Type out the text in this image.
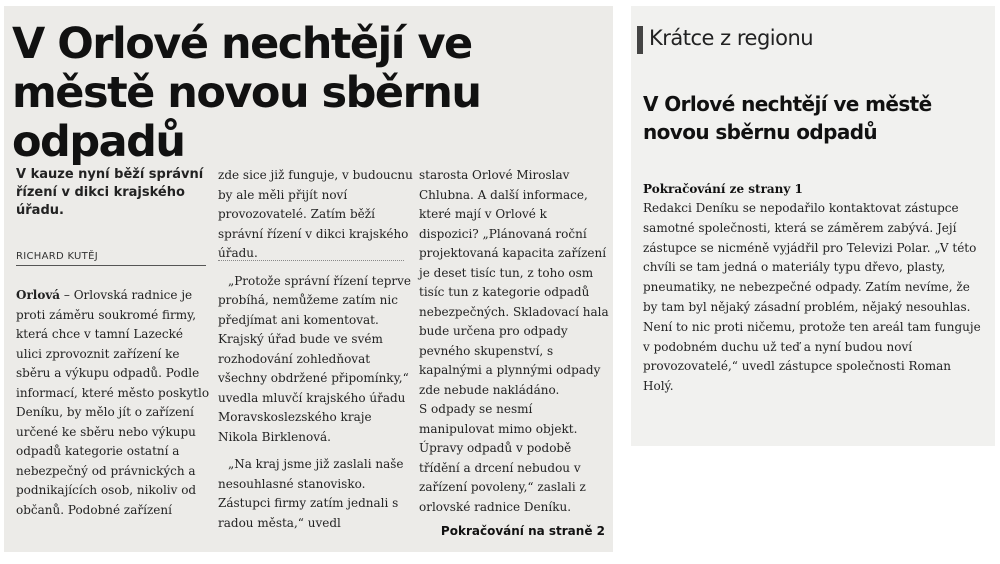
V Orlové nechtějí ve městě novou sběrnu odpadů

V kauze nyní běží správní řízení v dikci krajského úřadu.

RICHARD KUTĚJ

Orlová – Orlovská radnice je proti záměru soukromé firmy, která chce v tamní Lazecké ulici zprovoznit zařízení ke sběru a výkupu odpadů. Podle informací, které město poskytlo Deníku, by mělo jít o zařízení určené ke sběru nebo výkupu odpadů kategorie ostatní a nebezpečný od právnických a podnikajících osob, nikoliv od občanů. Podobné zařízení

zde sice již funguje, v budoucnu by ale měli přijít noví provozovatelé. Zatím běží správní řízení v dikci krajského úřadu.

„Protože správní řízení teprve probíhá, nemůžeme zatím nic předjímat ani komentovat. Krajský úřad bude ve svém rozhodování zohledňovat všechny obdržené připomínky,“ uvedla mluvčí krajského úřadu Moravskoslezského kraje Nikola Birklenová.

„Na kraj jsme již zaslali naše nesouhlasné stanovisko. Zástupci firmy zatím jednali s radou města,“ uvedl

starosta Orlové Miroslav Chlubna. A další informace, které mají v Orlové k dispozici? „Plánovaná roční projektovaná kapacita zařízení je deset tisíc tun, z toho osm tisíc tun z kategorie odpadů nebezpečných. Skladovací hala bude určena pro odpady pevného skupenství, s kapalnými a plynnými odpady zde nebude nakládáno.

S odpady se nesmí manipulovat mimo objekt. Úpravy odpadů v podobě třídění a drcení nebudou v zařízení povoleny,“ zaslali z orlovské radnice Deníku.

Pokračování na straně 2

Krátce z regionu

V Orlové nechtějí ve městě novou sběrnu odpadů

Pokračování ze strany 1

Redakci Deníku se nepodařilo kontaktovat zástupce samotné společnosti, která se záměrem zabývá. Její zástupce se nicméně vyjádřil pro Televizi Polar. „V této chvíli se tam jedná o materiály typu dřevo, plasty, pneumatiky, ne nebezpečné odpady. Zatím nevíme, že by tam byl nějaký zásadní problém, nějaký nesouhlas. Není to nic proti ničemu, protože ten areál tam funguje v podobném duchu už teď a nyní budou noví provozovatelé,“ uvedl zástupce společnosti Roman Holý.
